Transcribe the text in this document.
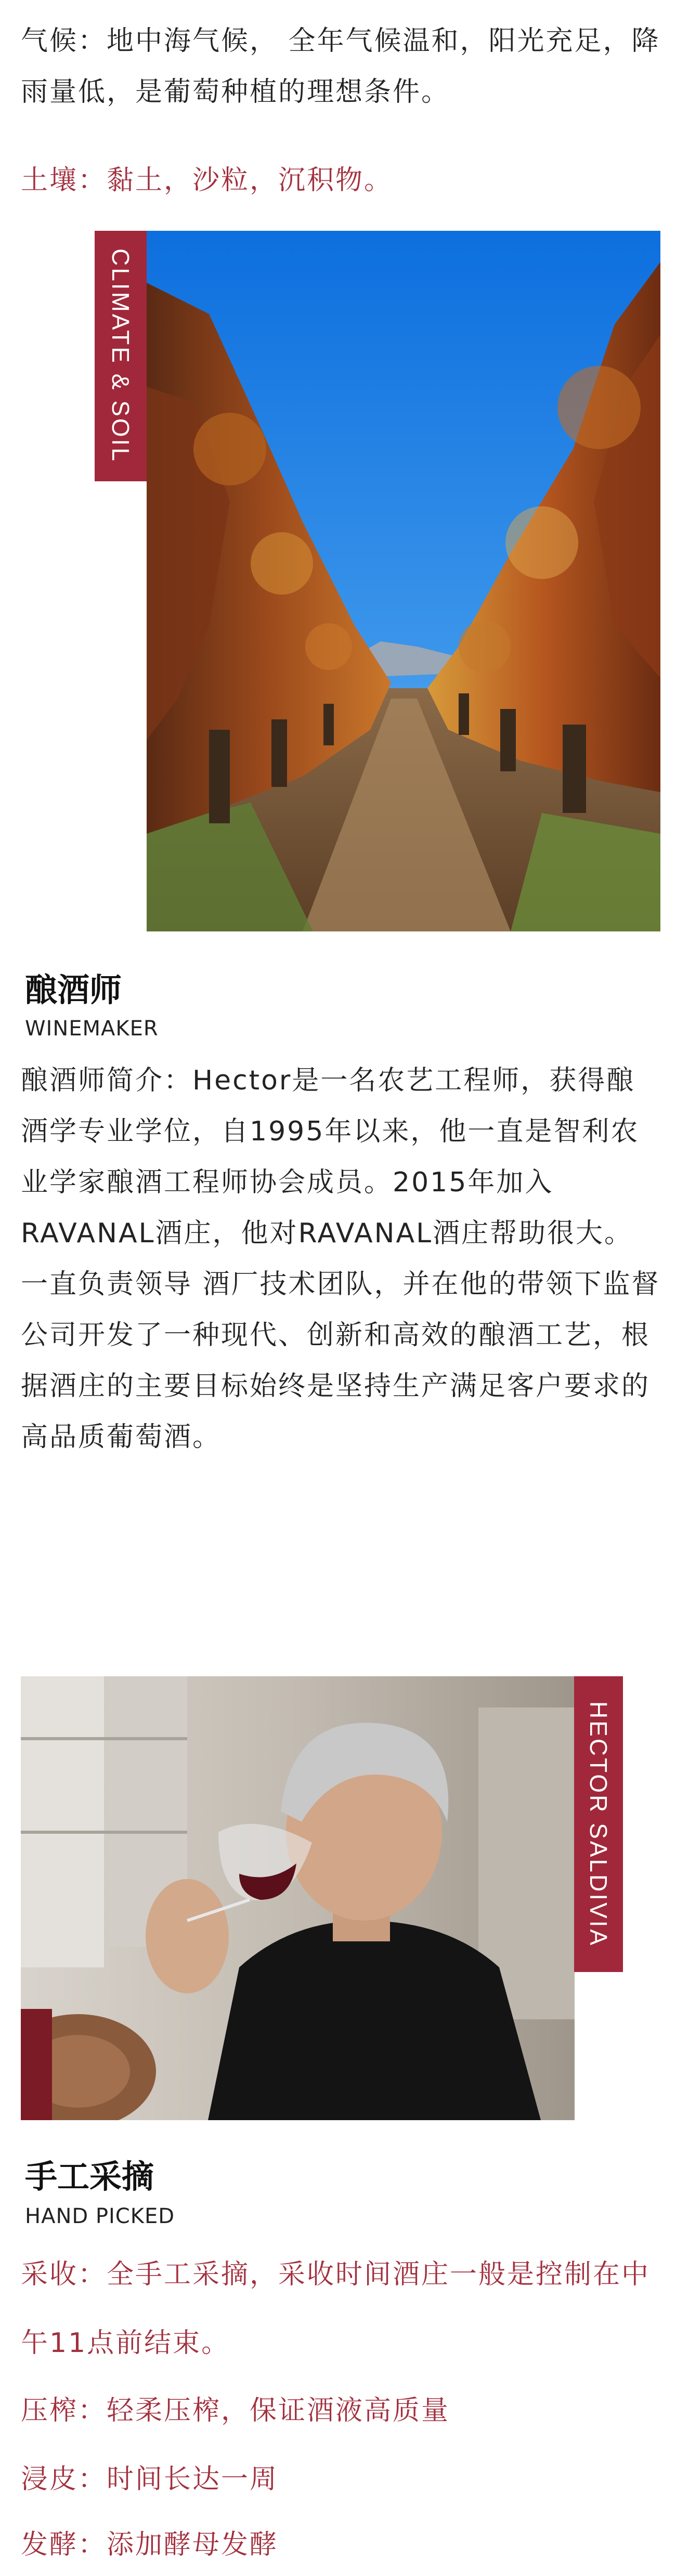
气候：地中海气候， 全年气候温和，阳光充足，降雨量低，是葡萄种植的理想条件。

土壤：黏土，沙粒，沉积物。

CLIMATE & SOIL
酿酒师

WINEMAKER

酿酒师简介：Hector是一名农艺工程师，获得酿酒学专业学位，自1995年以来，他一直是智利农业学家酿酒工程师协会成员。2015年加入RAVANAL酒庄，他对RAVANAL酒庄帮助很大。一直负责领导 酒厂技术团队，并在他的带领下监督公司开发了一种现代、创新和高效的酿酒工艺，根据酒庄的主要目标始终是坚持生产满足客户要求的高品质葡萄酒。

HECTOR SALDIVIA
手工采摘

HAND PICKED

采收：全手工采摘，采收时间酒庄一般是控制在中午11点前结束。

压榨：轻柔压榨，保证酒液高质量

浸皮：时间长达一周

发酵：添加酵母发酵
